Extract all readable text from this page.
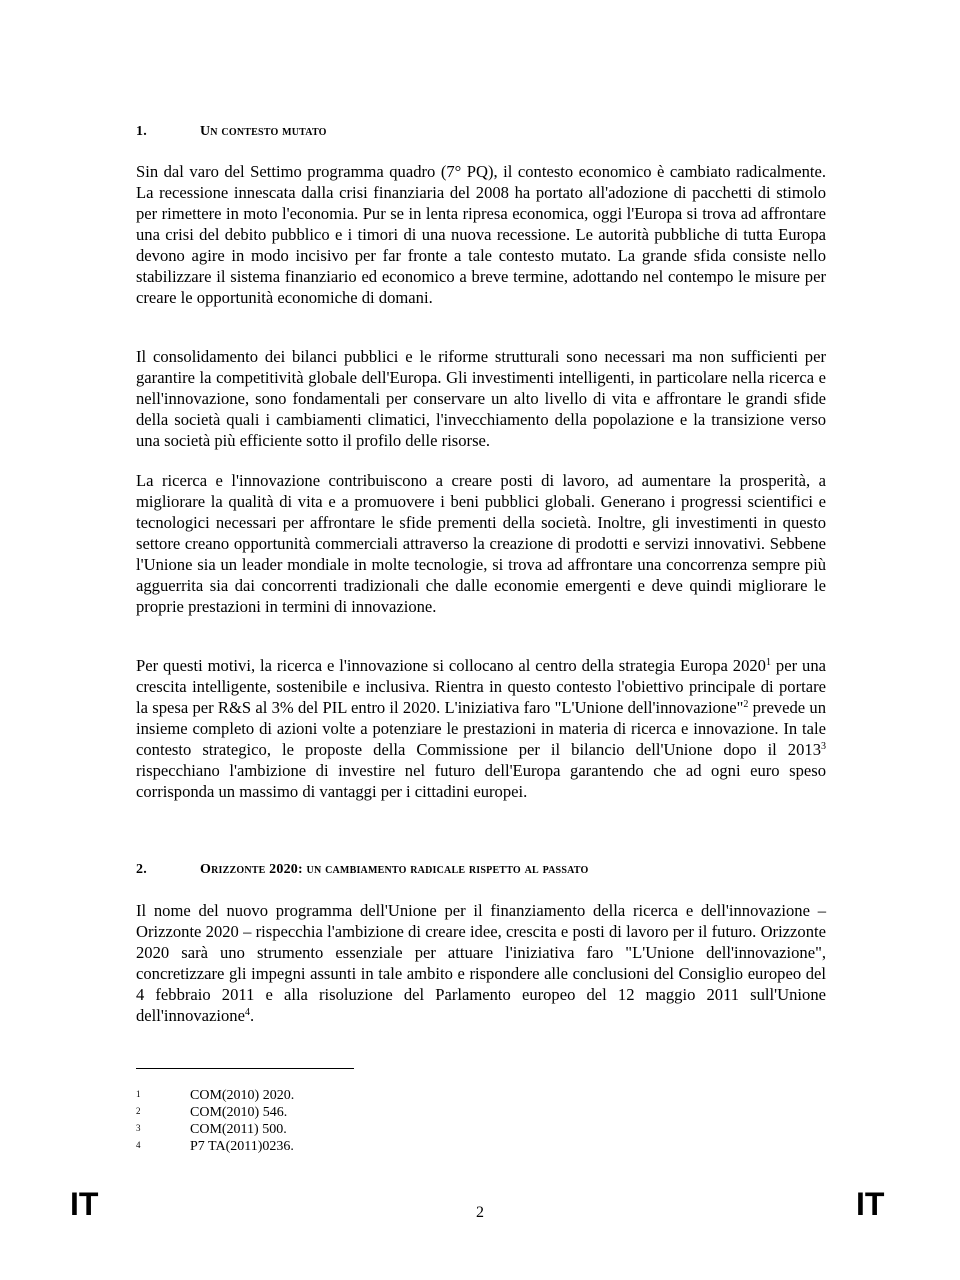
1.	Un contesto mutato

Sin dal varo del Settimo programma quadro (7° PQ), il contesto economico è cambiato radicalmente. La recessione innescata dalla crisi finanziaria del 2008 ha portato all'adozione di pacchetti di stimolo per rimettere in moto l'economia. Pur se in lenta ripresa economica, oggi l'Europa si trova ad affrontare una crisi del debito pubblico e i timori di una nuova recessione. Le autorità pubbliche di tutta Europa devono agire in modo incisivo per far fronte a tale contesto mutato. La grande sfida consiste nello stabilizzare il sistema finanziario ed economico a breve termine, adottando nel contempo le misure per creare le opportunità economiche di domani.

Il consolidamento dei bilanci pubblici e le riforme strutturali sono necessari ma non sufficienti per garantire la competitività globale dell'Europa. Gli investimenti intelligenti, in particolare nella ricerca e nell'innovazione, sono fondamentali per conservare un alto livello di vita e affrontare le grandi sfide della società quali i cambiamenti climatici, l'invecchiamento della popolazione e la transizione verso una società più efficiente sotto il profilo delle risorse.

La ricerca e l'innovazione contribuiscono a creare posti di lavoro, ad aumentare la prosperità, a migliorare la qualità di vita e a promuovere i beni pubblici globali. Generano i progressi scientifici e tecnologici necessari per affrontare le sfide prementi della società. Inoltre, gli investimenti in questo settore creano opportunità commerciali attraverso la creazione di prodotti e servizi innovativi. Sebbene l'Unione sia un leader mondiale in molte tecnologie, si trova ad affrontare una concorrenza sempre più agguerrita sia dai concorrenti tradizionali che dalle economie emergenti e deve quindi migliorare le proprie prestazioni in termini di innovazione.

Per questi motivi, la ricerca e l'innovazione si collocano al centro della strategia Europa 2020$^1$ per una crescita intelligente, sostenibile e inclusiva. Rientra in questo contesto l'obiettivo principale di portare la spesa per R&S al 3% del PIL entro il 2020. L'iniziativa faro "L'Unione dell'innovazione"$^2$ prevede un insieme completo di azioni volte a potenziare le prestazioni in materia di ricerca e innovazione. In tale contesto strategico, le proposte della Commissione per il bilancio dell'Unione dopo il 2013$^3$ rispecchiano l'ambizione di investire nel futuro dell'Europa garantendo che ad ogni euro speso corrisponda un massimo di vantaggi per i cittadini europei.

2.	Orizzonte 2020: un cambiamento radicale rispetto al passato

Il nome del nuovo programma dell'Unione per il finanziamento della ricerca e dell'innovazione – Orizzonte 2020 – rispecchia l'ambizione di creare idee, crescita e posti di lavoro per il futuro. Orizzonte 2020 sarà uno strumento essenziale per attuare l'iniziativa faro "L'Unione dell'innovazione", concretizzare gli impegni assunti in tale ambito e rispondere alle conclusioni del Consiglio europeo del 4 febbraio 2011 e alla risoluzione del Parlamento europeo del 12 maggio 2011 sull'Unione dell'innovazione$^4$.

1	COM(2010) 2020.
2	COM(2010) 546.
3	COM(2011) 500.
4	P7 TA(2011)0236.
IT	2	IT
